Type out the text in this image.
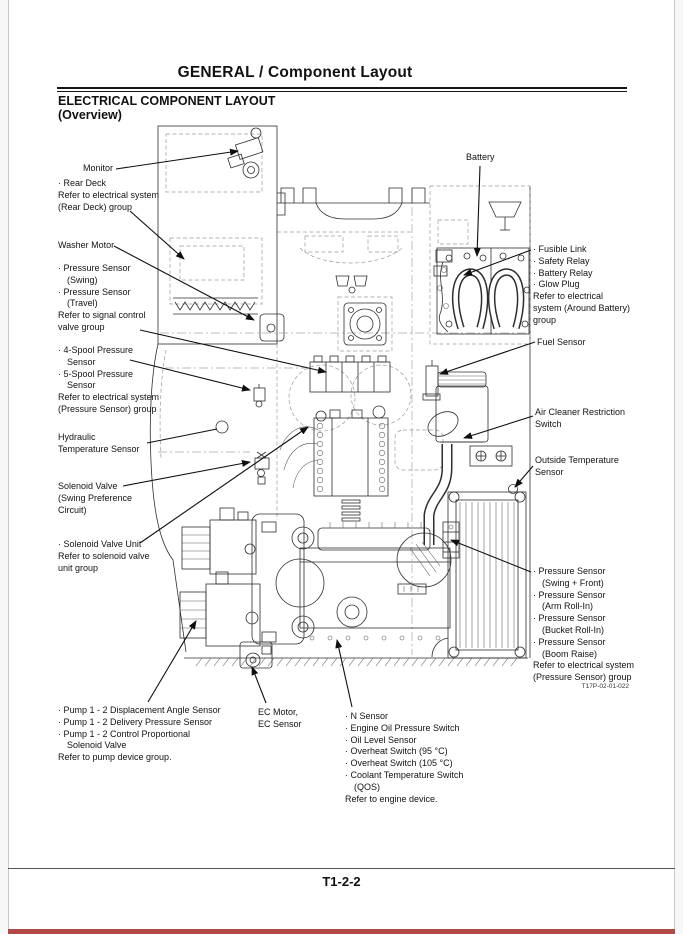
GENERAL / Component Layout
ELECTRICAL COMPONENT LAYOUT
(Overview)
Monitor
· Rear Deck
Refer to electrical system
(Rear Deck) group
Washer Motor
· Pressure Sensor
(Swing)
· Pressure Sensor
(Travel)
Refer to signal control
valve group
· 4-Spool Pressure
Sensor
· 5-Spool Pressure
Sensor
Refer to electrical system
(Pressure Sensor) group
Hydraulic
Temperature Sensor
Solenoid Valve
(Swing Preference
Circuit)
· Solenoid Valve Unit
Refer to solenoid valve
unit group
· Pump 1 - 2 Displacement Angle Sensor
· Pump 1 - 2 Delivery Pressure Sensor
· Pump 1 - 2 Control Proportional
Solenoid Valve
Refer to pump device group.
EC Motor,
EC Sensor
· N Sensor
· Engine Oil Pressure Switch
· Oil Level Sensor
· Overheat Switch (95 °C)
· Overheat Switch (105 °C)
· Coolant Temperature Switch
(QOS)
Refer to engine device.
Battery
· Fusible Link
· Safety Relay
· Battery Relay
· Glow Plug
Refer to electrical
system (Around Battery)
group
Fuel Sensor
Air Cleaner Restriction
Switch
Outside Temperature
Sensor
· Pressure Sensor
(Swing + Front)
· Pressure Sensor
(Arm Roll-In)
· Pressure Sensor
(Bucket Roll-In)
· Pressure Sensor
(Boom Raise)
Refer to electrical system
(Pressure Sensor) group
T17P-02-01-022
T1-2-2
